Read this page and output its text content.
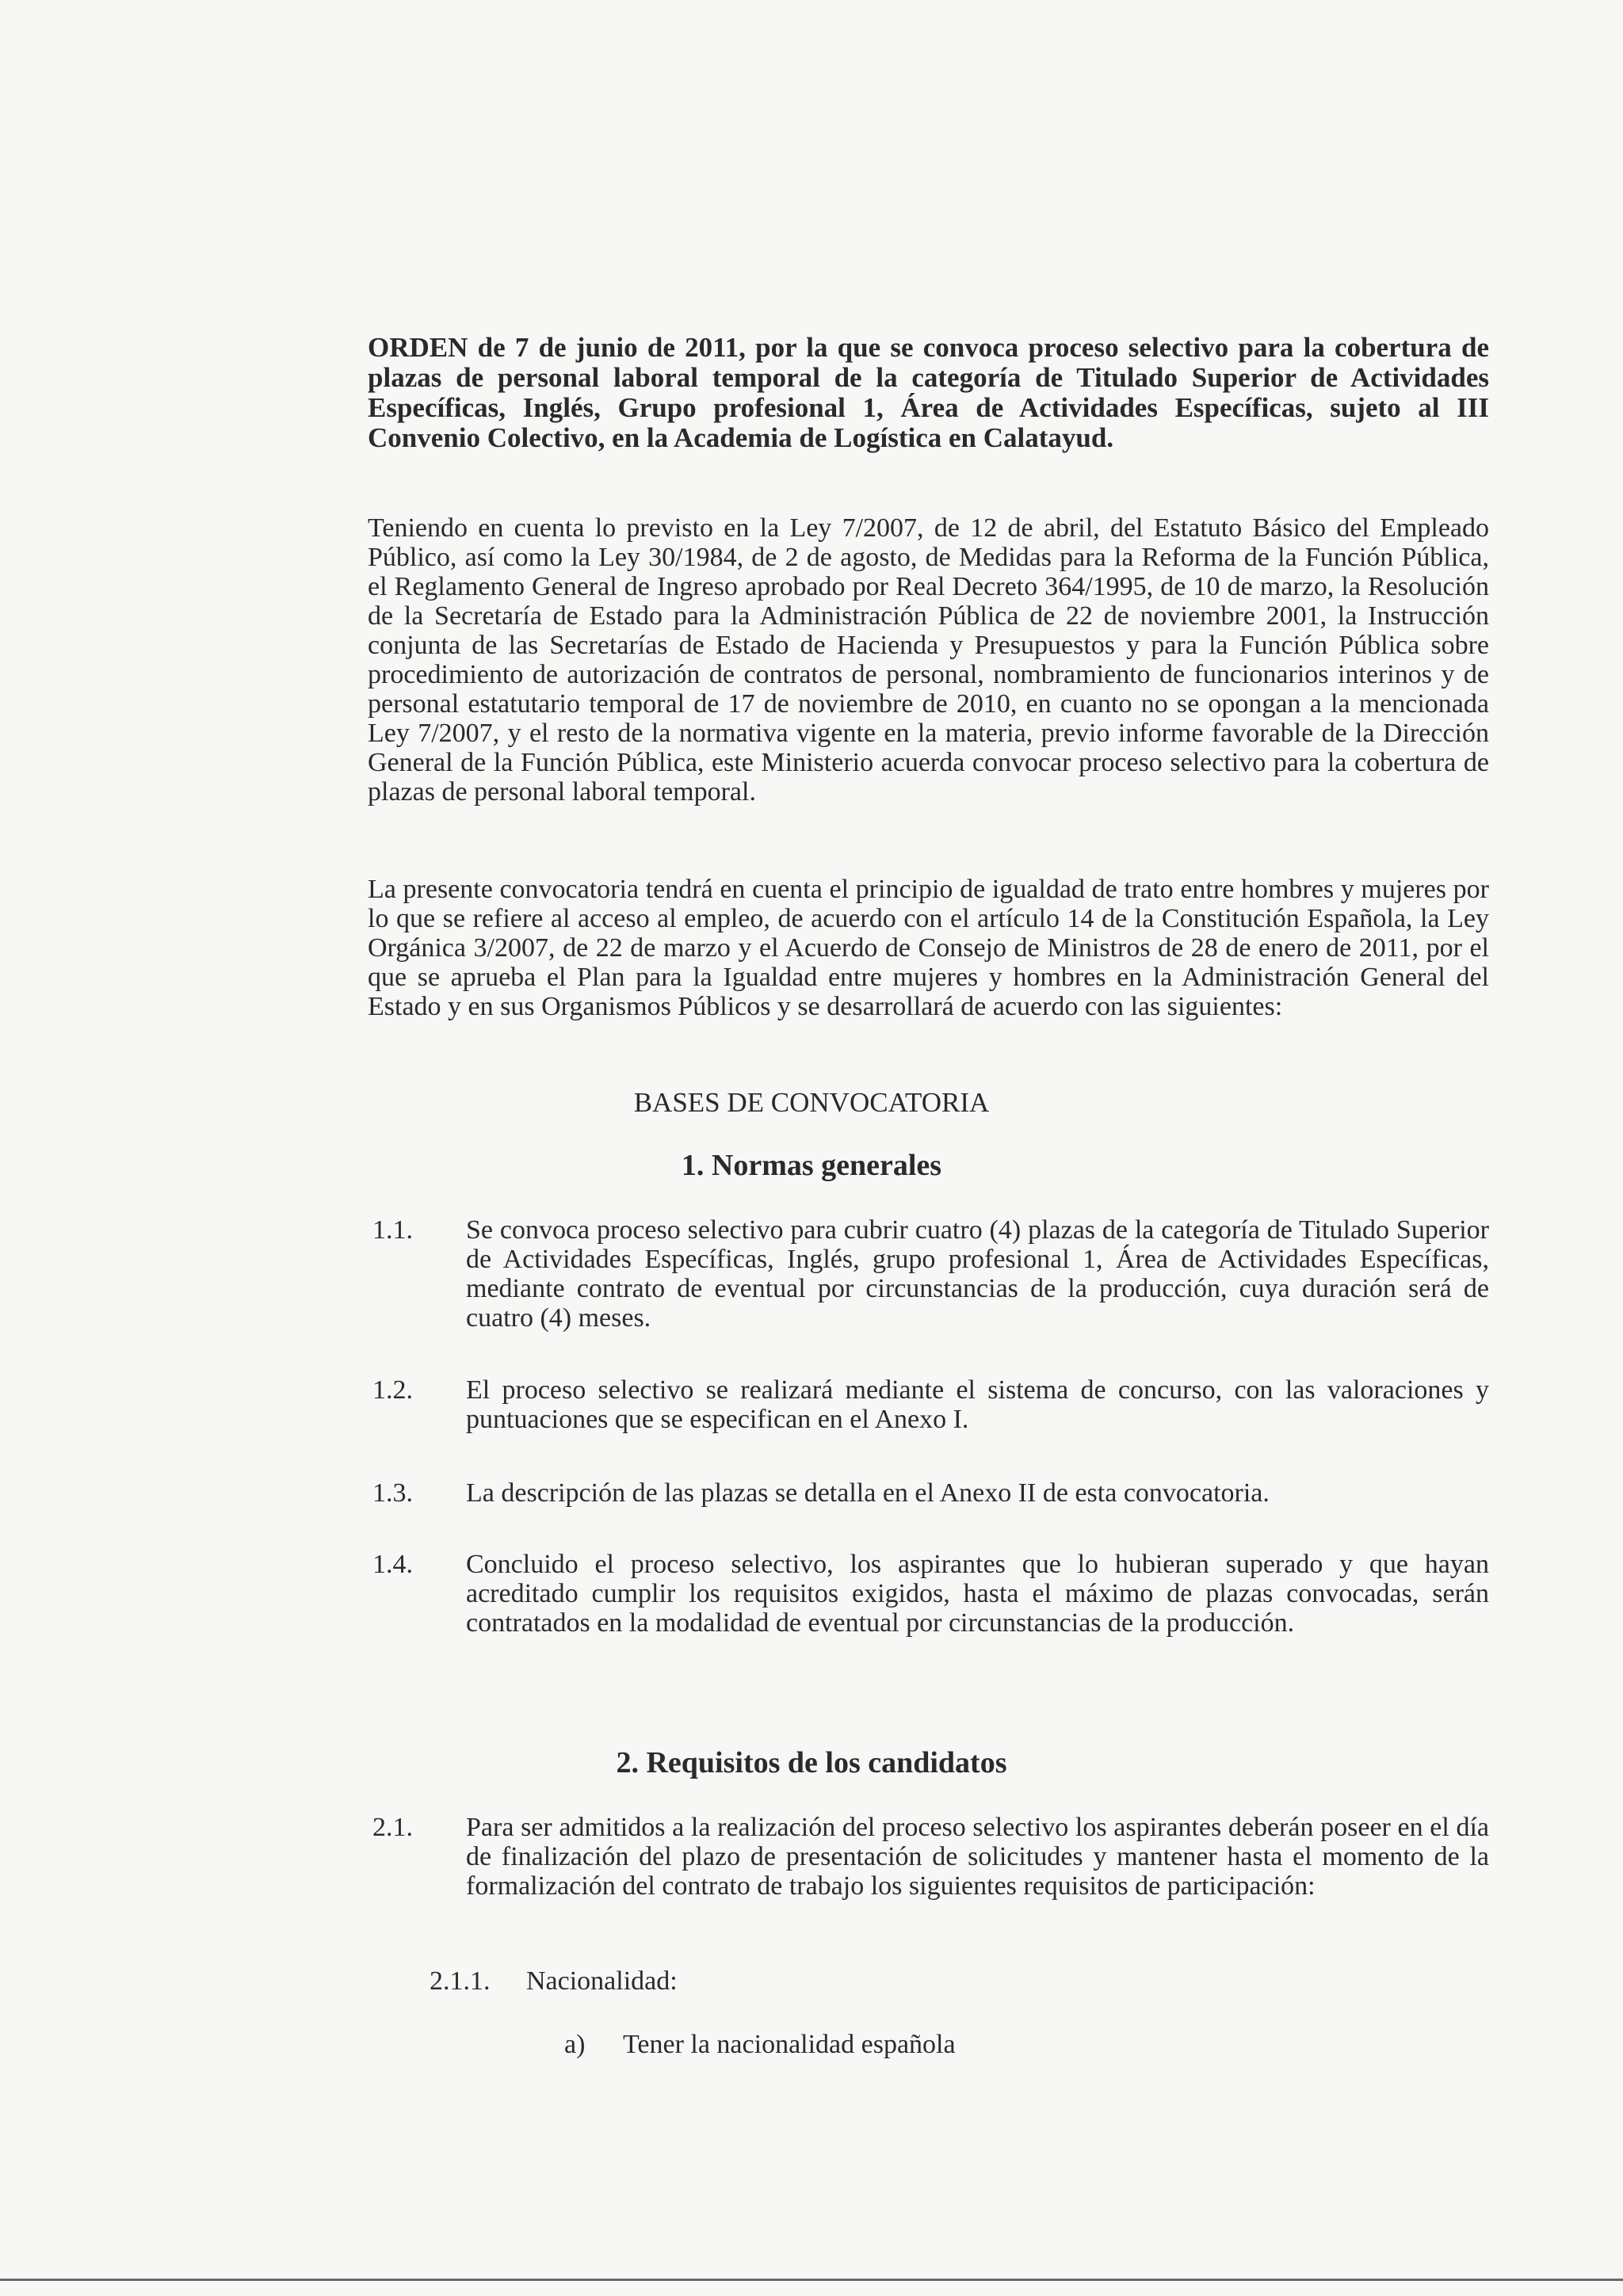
ORDEN de 7 de junio de 2011, por la que se convoca proceso selectivo para la cobertura de plazas de personal laboral temporal de la categoría de Titulado Superior de Actividades Específicas, Inglés, Grupo profesional 1, Área de Actividades Específicas, sujeto al III Convenio Colectivo, en la Academia de Logística en Calatayud.
Teniendo en cuenta lo previsto en la Ley 7/2007, de 12 de abril, del Estatuto Básico del Empleado Público, así como la Ley 30/1984, de 2 de agosto, de Medidas para la Reforma de la Función Pública, el Reglamento General de Ingreso aprobado por Real Decreto 364/1995, de 10 de marzo, la Resolución de la Secretaría de Estado para la Administración Pública de 22 de noviembre 2001, la Instrucción conjunta de las Secretarías de Estado de Hacienda y Presupuestos y para la Función Pública sobre procedimiento de autorización de contratos de personal, nombramiento de funcionarios interinos y de personal estatutario temporal de 17 de noviembre de 2010, en cuanto no se opongan a la mencionada Ley 7/2007, y el resto de la normativa vigente en la materia, previo informe favorable de la Dirección General de la Función Pública, este Ministerio acuerda convocar proceso selectivo para la cobertura de plazas de personal laboral temporal.
La presente convocatoria tendrá en cuenta el principio de igualdad de trato entre hombres y mujeres por lo que se refiere al acceso al empleo, de acuerdo con el artículo 14 de la Constitución Española, la Ley Orgánica 3/2007, de 22 de marzo y el Acuerdo de Consejo de Ministros de 28 de enero de 2011, por el que se aprueba el Plan para la Igualdad entre mujeres y hombres en la Administración General del Estado y en sus Organismos Públicos y se desarrollará de acuerdo con las siguientes:
BASES DE CONVOCATORIA
1. Normas generales
1.1. Se convoca proceso selectivo para cubrir cuatro (4) plazas de la categoría de Titulado Superior de Actividades Específicas, Inglés, grupo profesional 1, Área de Actividades Específicas, mediante contrato de eventual por circunstancias de la producción, cuya duración será de cuatro (4) meses.
1.2. El proceso selectivo se realizará mediante el sistema de concurso, con las valoraciones y puntuaciones que se especifican en el Anexo I.
1.3. La descripción de las plazas se detalla en el Anexo II de esta convocatoria.
1.4. Concluido el proceso selectivo, los aspirantes que lo hubieran superado y que hayan acreditado cumplir los requisitos exigidos, hasta el máximo de plazas convocadas, serán contratados en la modalidad de eventual por circunstancias de la producción.
2. Requisitos de los candidatos
2.1. Para ser admitidos a la realización del proceso selectivo los aspirantes deberán poseer en el día de finalización del plazo de presentación de solicitudes y mantener hasta el momento de la formalización del contrato de trabajo los siguientes requisitos de participación:
2.1.1. Nacionalidad:
a) Tener la nacionalidad española
